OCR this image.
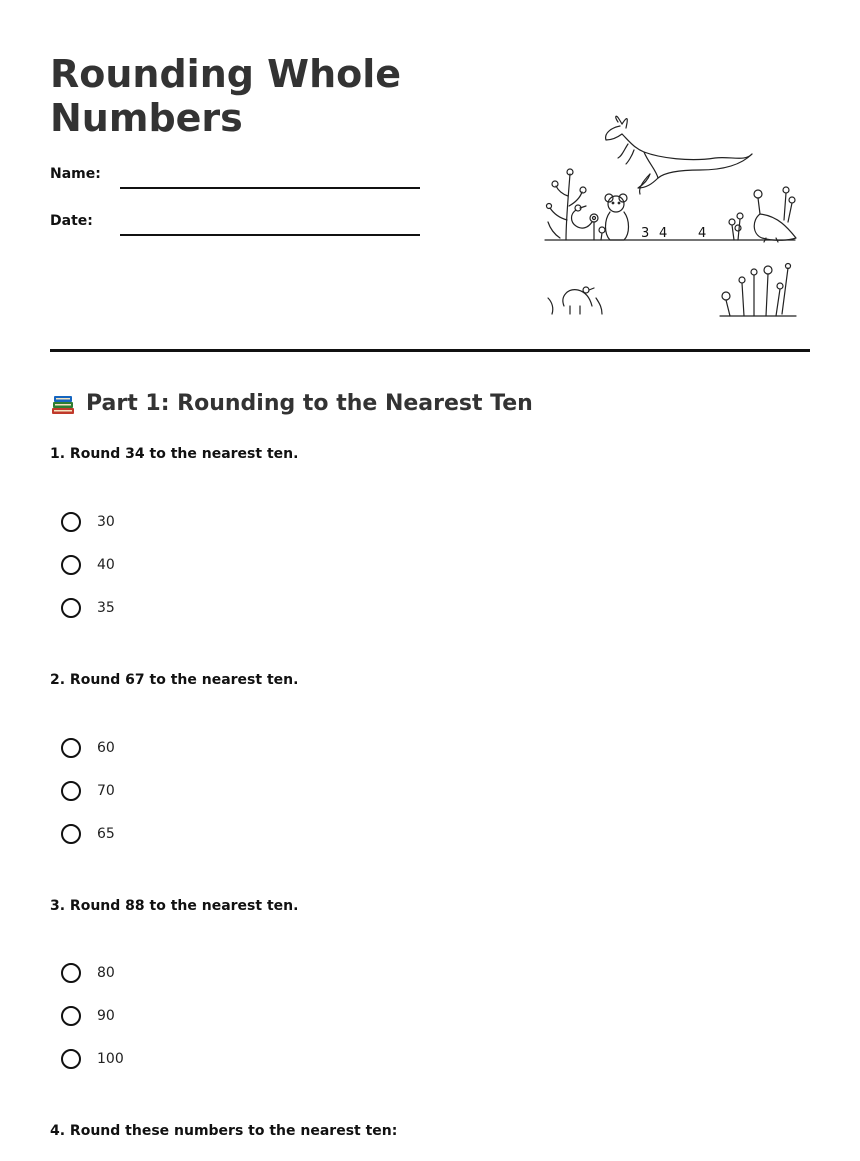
Rounding Whole Numbers
Name:
Date:
3 4 4
Part 1: Rounding to the Nearest Ten
1. Round 34 to the nearest ten.
30
40
35
2. Round 67 to the nearest ten.
60
70
65
3. Round 88 to the nearest ten.
80
90
100
4. Round these numbers to the nearest ten:
